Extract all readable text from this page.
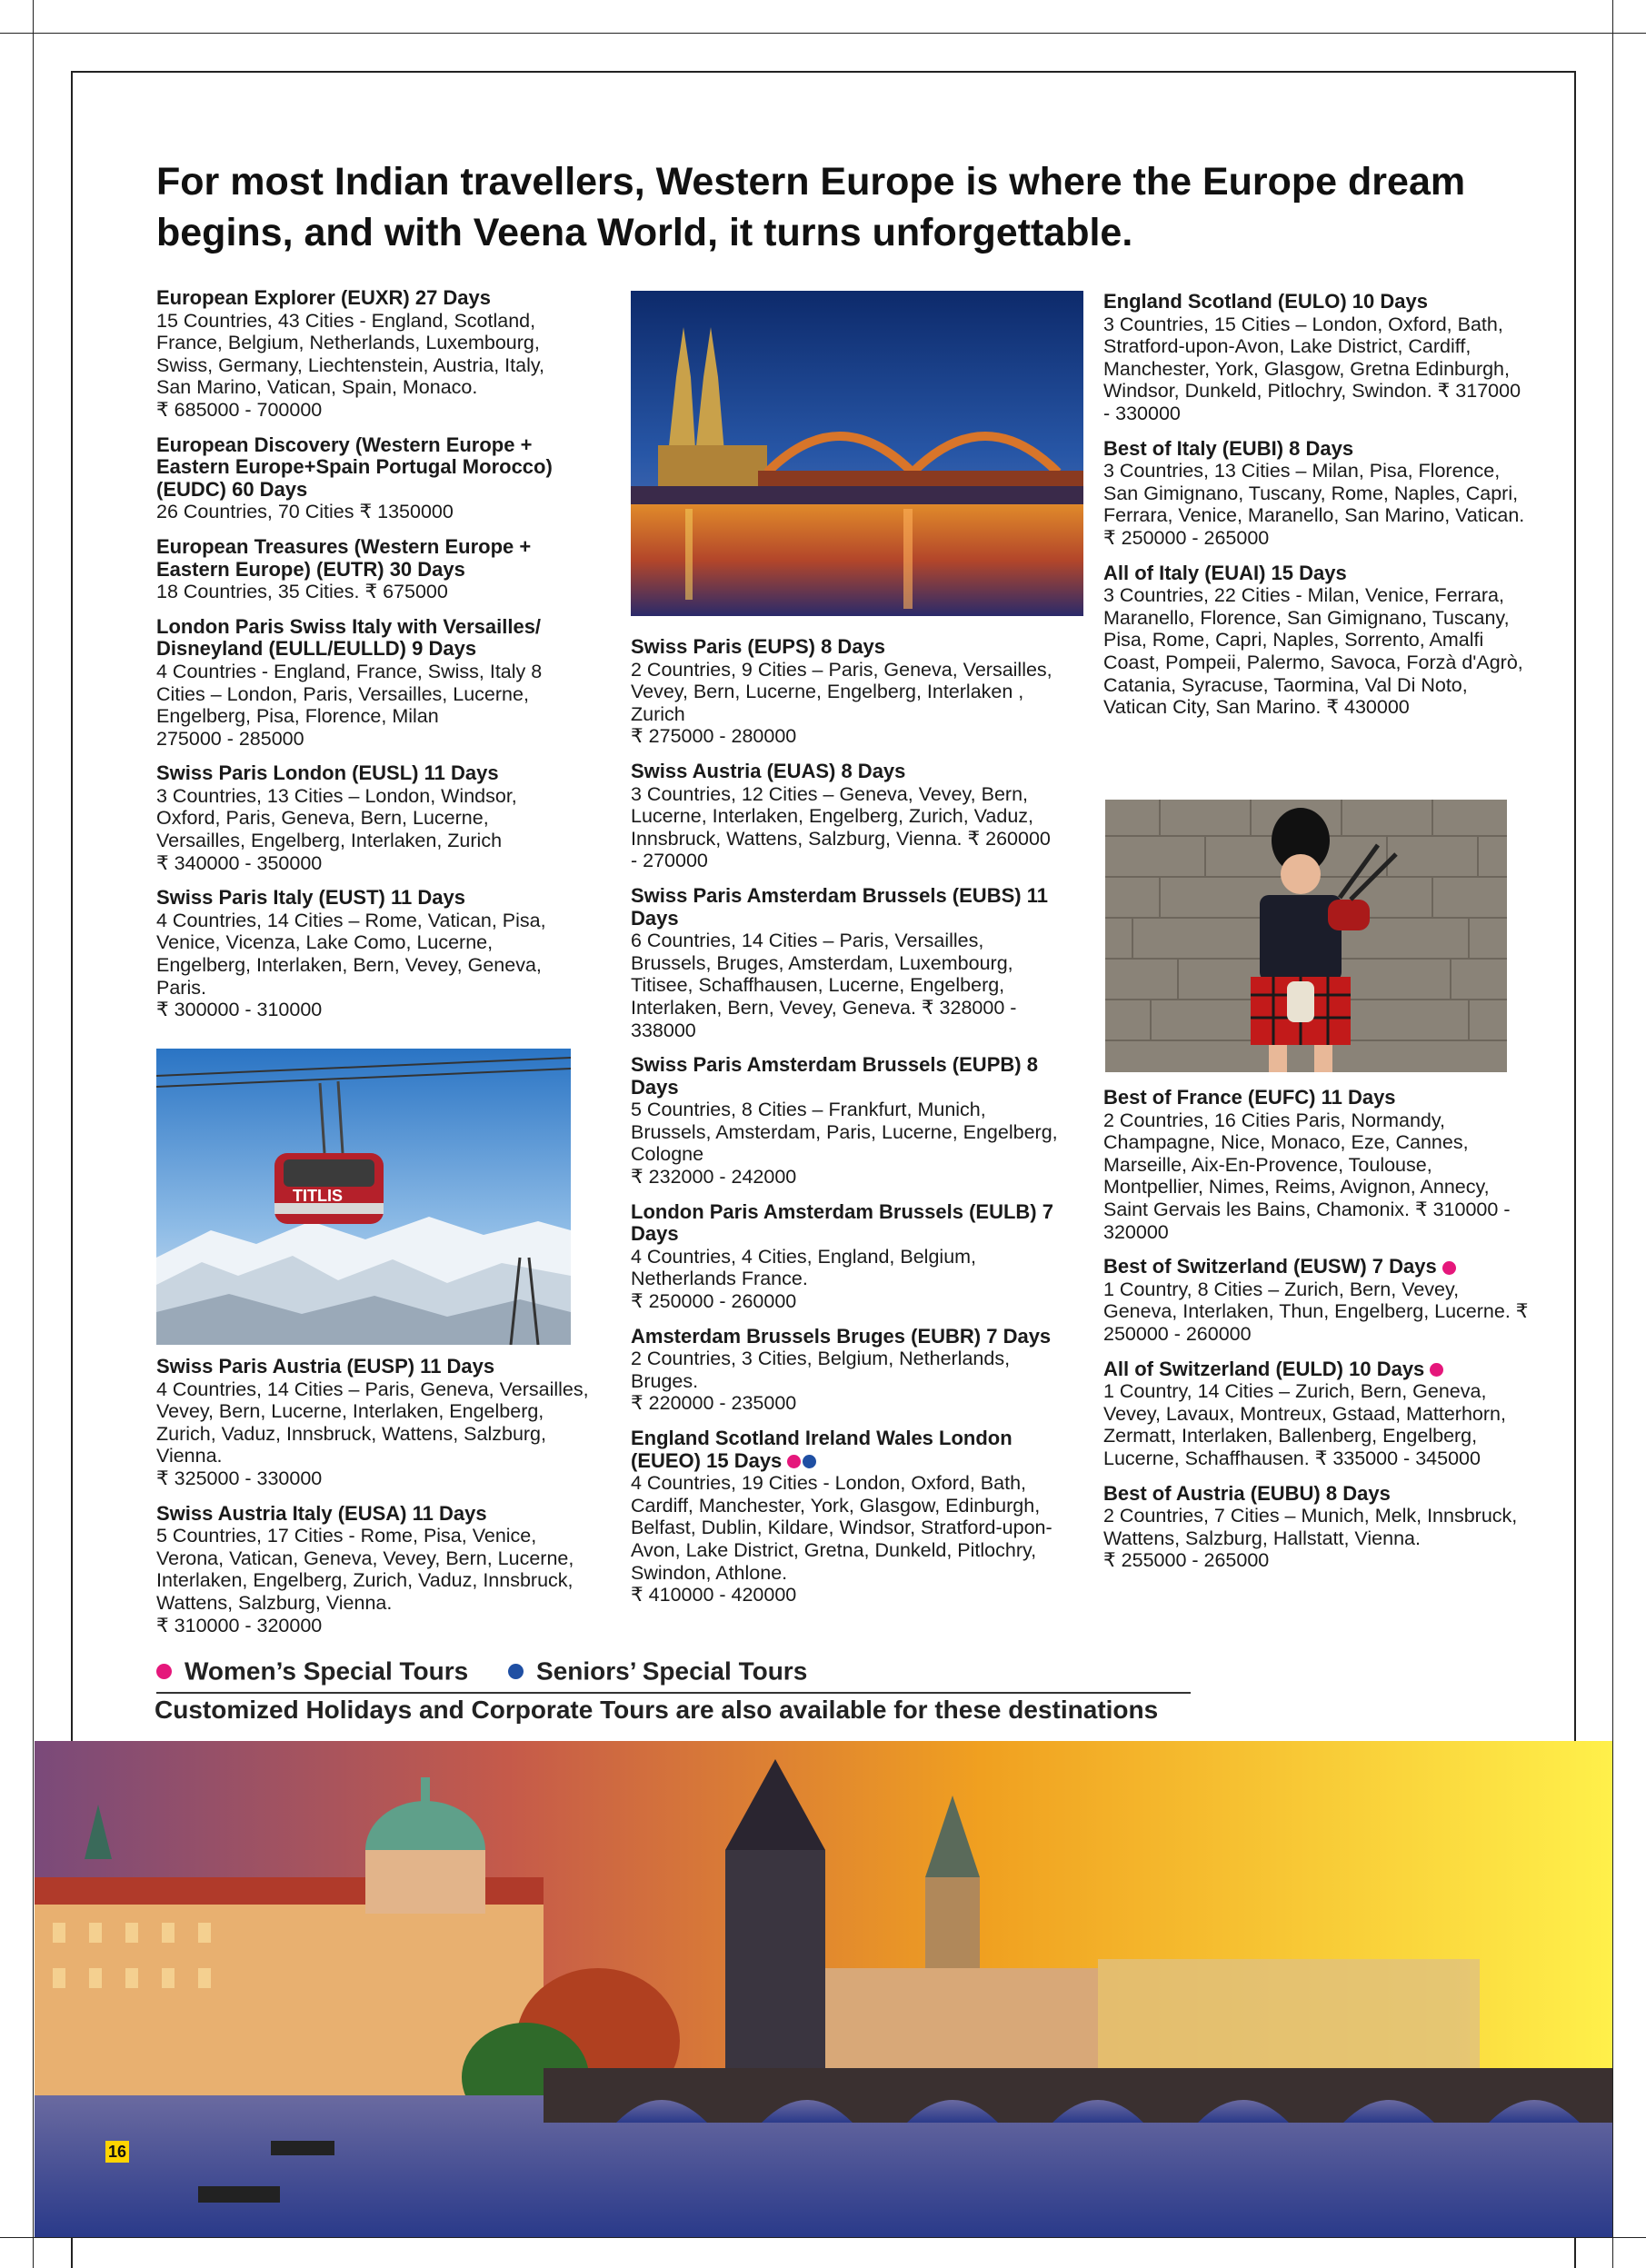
For most Indian travellers, Western Europe is where the Europe dream begins, and with Veena World, it turns unforgettable.
European Explorer (EUXR) 27 Days
15 Countries, 43 Cities - England, Scotland, France, Belgium, Netherlands, Luxembourg, Swiss, Germany, Liechtenstein, Austria, Italy, San Marino, Vatican, Spain, Monaco.
₹ 685000 - 700000
European Discovery (Western Europe + Eastern Europe+Spain Portugal Morocco) (EUDC) 60 Days
26 Countries, 70 Cities ₹ 1350000
European Treasures (Western Europe + Eastern Europe) (EUTR) 30 Days
18 Countries, 35 Cities. ₹ 675000
London Paris Swiss Italy with Versailles/ Disneyland (EULL/EULLD) 9 Days
4 Countries - England, France, Swiss, Italy 8 Cities – London, Paris, Versailles, Lucerne, Engelberg, Pisa, Florence, Milan
275000 - 285000
Swiss Paris London (EUSL) 11 Days
3 Countries, 13 Cities – London, Windsor, Oxford, Paris, Geneva, Bern, Lucerne, Versailles, Engelberg, Interlaken, Zurich
₹ 340000 - 350000
Swiss Paris Italy (EUST) 11 Days
4 Countries, 14 Cities – Rome, Vatican, Pisa, Venice, Vicenza, Lake Como, Lucerne, Engelberg, Interlaken, Bern, Vevey, Geneva, Paris.
₹ 300000 - 310000
TITLIS
Swiss Paris Austria (EUSP) 11 Days
4 Countries, 14 Cities – Paris, Geneva, Versailles, Vevey, Bern, Lucerne, Interlaken, Engelberg, Zurich, Vaduz, Innsbruck, Wattens, Salzburg, Vienna.
₹ 325000 - 330000
Swiss Austria Italy (EUSA) 11 Days
5 Countries, 17 Cities - Rome, Pisa, Venice, Verona, Vatican, Geneva, Vevey, Bern, Lucerne, Interlaken, Engelberg, Zurich, Vaduz, Innsbruck, Wattens, Salzburg, Vienna.
₹ 310000 - 320000
Swiss Paris (EUPS) 8 Days
2 Countries, 9 Cities – Paris, Geneva, Versailles, Vevey, Bern, Lucerne, Engelberg, Interlaken , Zurich
₹ 275000 - 280000
Swiss Austria (EUAS) 8 Days
3 Countries, 12 Cities – Geneva, Vevey, Bern, Lucerne, Interlaken, Engelberg, Zurich, Vaduz, Innsbruck, Wattens, Salzburg, Vienna. ₹ 260000 - 270000
Swiss Paris Amsterdam Brussels (EUBS) 11 Days
6 Countries, 14 Cities – Paris, Versailles, Brussels, Bruges, Amsterdam, Luxembourg, Titisee, Schaffhausen, Lucerne, Engelberg, Interlaken, Bern, Vevey, Geneva. ₹ 328000 - 338000
Swiss Paris Amsterdam Brussels (EUPB) 8 Days
5 Countries, 8 Cities – Frankfurt, Munich, Brussels, Amsterdam, Paris, Lucerne, Engelberg, Cologne
₹ 232000 - 242000
London Paris Amsterdam Brussels (EULB) 7 Days
4 Countries, 4 Cities, England, Belgium, Netherlands France.
₹ 250000 - 260000
Amsterdam Brussels Bruges (EUBR) 7 Days
2 Countries, 3 Cities, Belgium, Netherlands, Bruges.
₹ 220000 - 235000
England Scotland Ireland Wales London (EUEO) 15 Days
4 Countries, 19 Cities - London, Oxford, Bath, Cardiff, Manchester, York, Glasgow, Edinburgh, Belfast, Dublin, Kildare, Windsor, Stratford-upon-Avon, Lake District, Gretna, Dunkeld, Pitlochry, Swindon, Athlone.
₹ 410000 - 420000
England Scotland (EULO) 10 Days
3 Countries, 15 Cities – London, Oxford, Bath, Stratford-upon-Avon, Lake District, Cardiff, Manchester, York, Glasgow, Gretna Edinburgh, Windsor, Dunkeld, Pitlochry, Swindon. ₹ 317000 - 330000
Best of Italy (EUBI) 8 Days
3 Countries, 13 Cities – Milan, Pisa, Florence, San Gimignano, Tuscany, Rome, Naples, Capri, Ferrara, Venice, Maranello, San Marino, Vatican.
₹ 250000 - 265000
All of Italy (EUAI) 15 Days
3 Countries, 22 Cities - Milan, Venice, Ferrara, Maranello, Florence, San Gimignano, Tuscany, Pisa, Rome, Capri, Naples, Sorrento, Amalfi Coast, Pompeii, Palermo, Savoca, Forzà d'Agrò, Catania, Syracuse, Taormina, Val Di Noto, Vatican City, San Marino. ₹ 430000
Best of France (EUFC) 11 Days
2 Countries, 16 Cities Paris, Normandy, Champagne, Nice, Monaco, Eze, Cannes, Marseille, Aix-En-Provence, Toulouse, Montpellier, Nimes, Reims, Avignon, Annecy, Saint Gervais les Bains, Chamonix. ₹ 310000 - 320000
Best of Switzerland (EUSW) 7 Days
1 Country, 8 Cities – Zurich, Bern, Vevey, Geneva, Interlaken, Thun, Engelberg, Lucerne. ₹ 250000 - 260000
All of Switzerland (EULD) 10 Days
1 Country, 14 Cities – Zurich, Bern, Geneva, Vevey, Lavaux, Montreux, Gstaad, Matterhorn, Zermatt, Interlaken, Ballenberg, Engelberg, Lucerne, Schaffhausen. ₹ 335000 - 345000
Best of Austria (EUBU) 8 Days
2 Countries, 7 Cities – Munich, Melk, Innsbruck, Wattens, Salzburg, Hallstatt, Vienna.
₹ 255000 - 265000
Women’s Special Tours	Seniors’ Special Tours
Customized Holidays and Corporate Tours are also available for these destinations
16
